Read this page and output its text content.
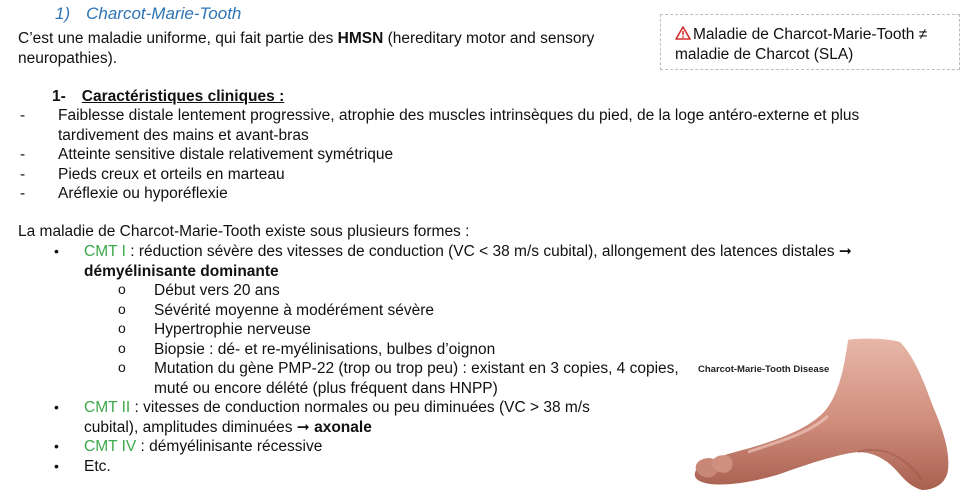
1) Charcot-Marie-Tooth
C’est une maladie uniforme, qui fait partie des HMSN (hereditary motor and sensory neuropathies).
Maladie de Charcot-Marie-Tooth ≠
maladie de Charcot (SLA)
1- Caractéristiques cliniques :
- Faiblesse distale lentement progressive, atrophie des muscles intrinsèques du pied, de la loge antéro-externe et plus tardivement des mains et avant-bras
- Atteinte sensitive distale relativement symétrique
- Pieds creux et orteils en marteau
- Aréflexie ou hyporéflexie
La maladie de Charcot-Marie-Tooth existe sous plusieurs formes :
• CMT I : réduction sévère des vitesses de conduction (VC < 38 m/s cubital), allongement des latences distales ➞ démyélinisante dominante
o Début vers 20 ans
o Sévérité moyenne à modérément sévère
o Hypertrophie nerveuse
o Biopsie : dé- et re-myélinisations, bulbes d’oignon
o Mutation du gène PMP-22 (trop ou trop peu) : existant en 3 copies, 4 copies, muté ou encore délété (plus fréquent dans HNPP)
• CMT II : vitesses de conduction normales ou peu diminuées (VC > 38 m/s cubital), amplitudes diminuées ➞ axonale
• CMT IV : démyélinisante récessive
• Etc.
Charcot-Marie-Tooth Disease
